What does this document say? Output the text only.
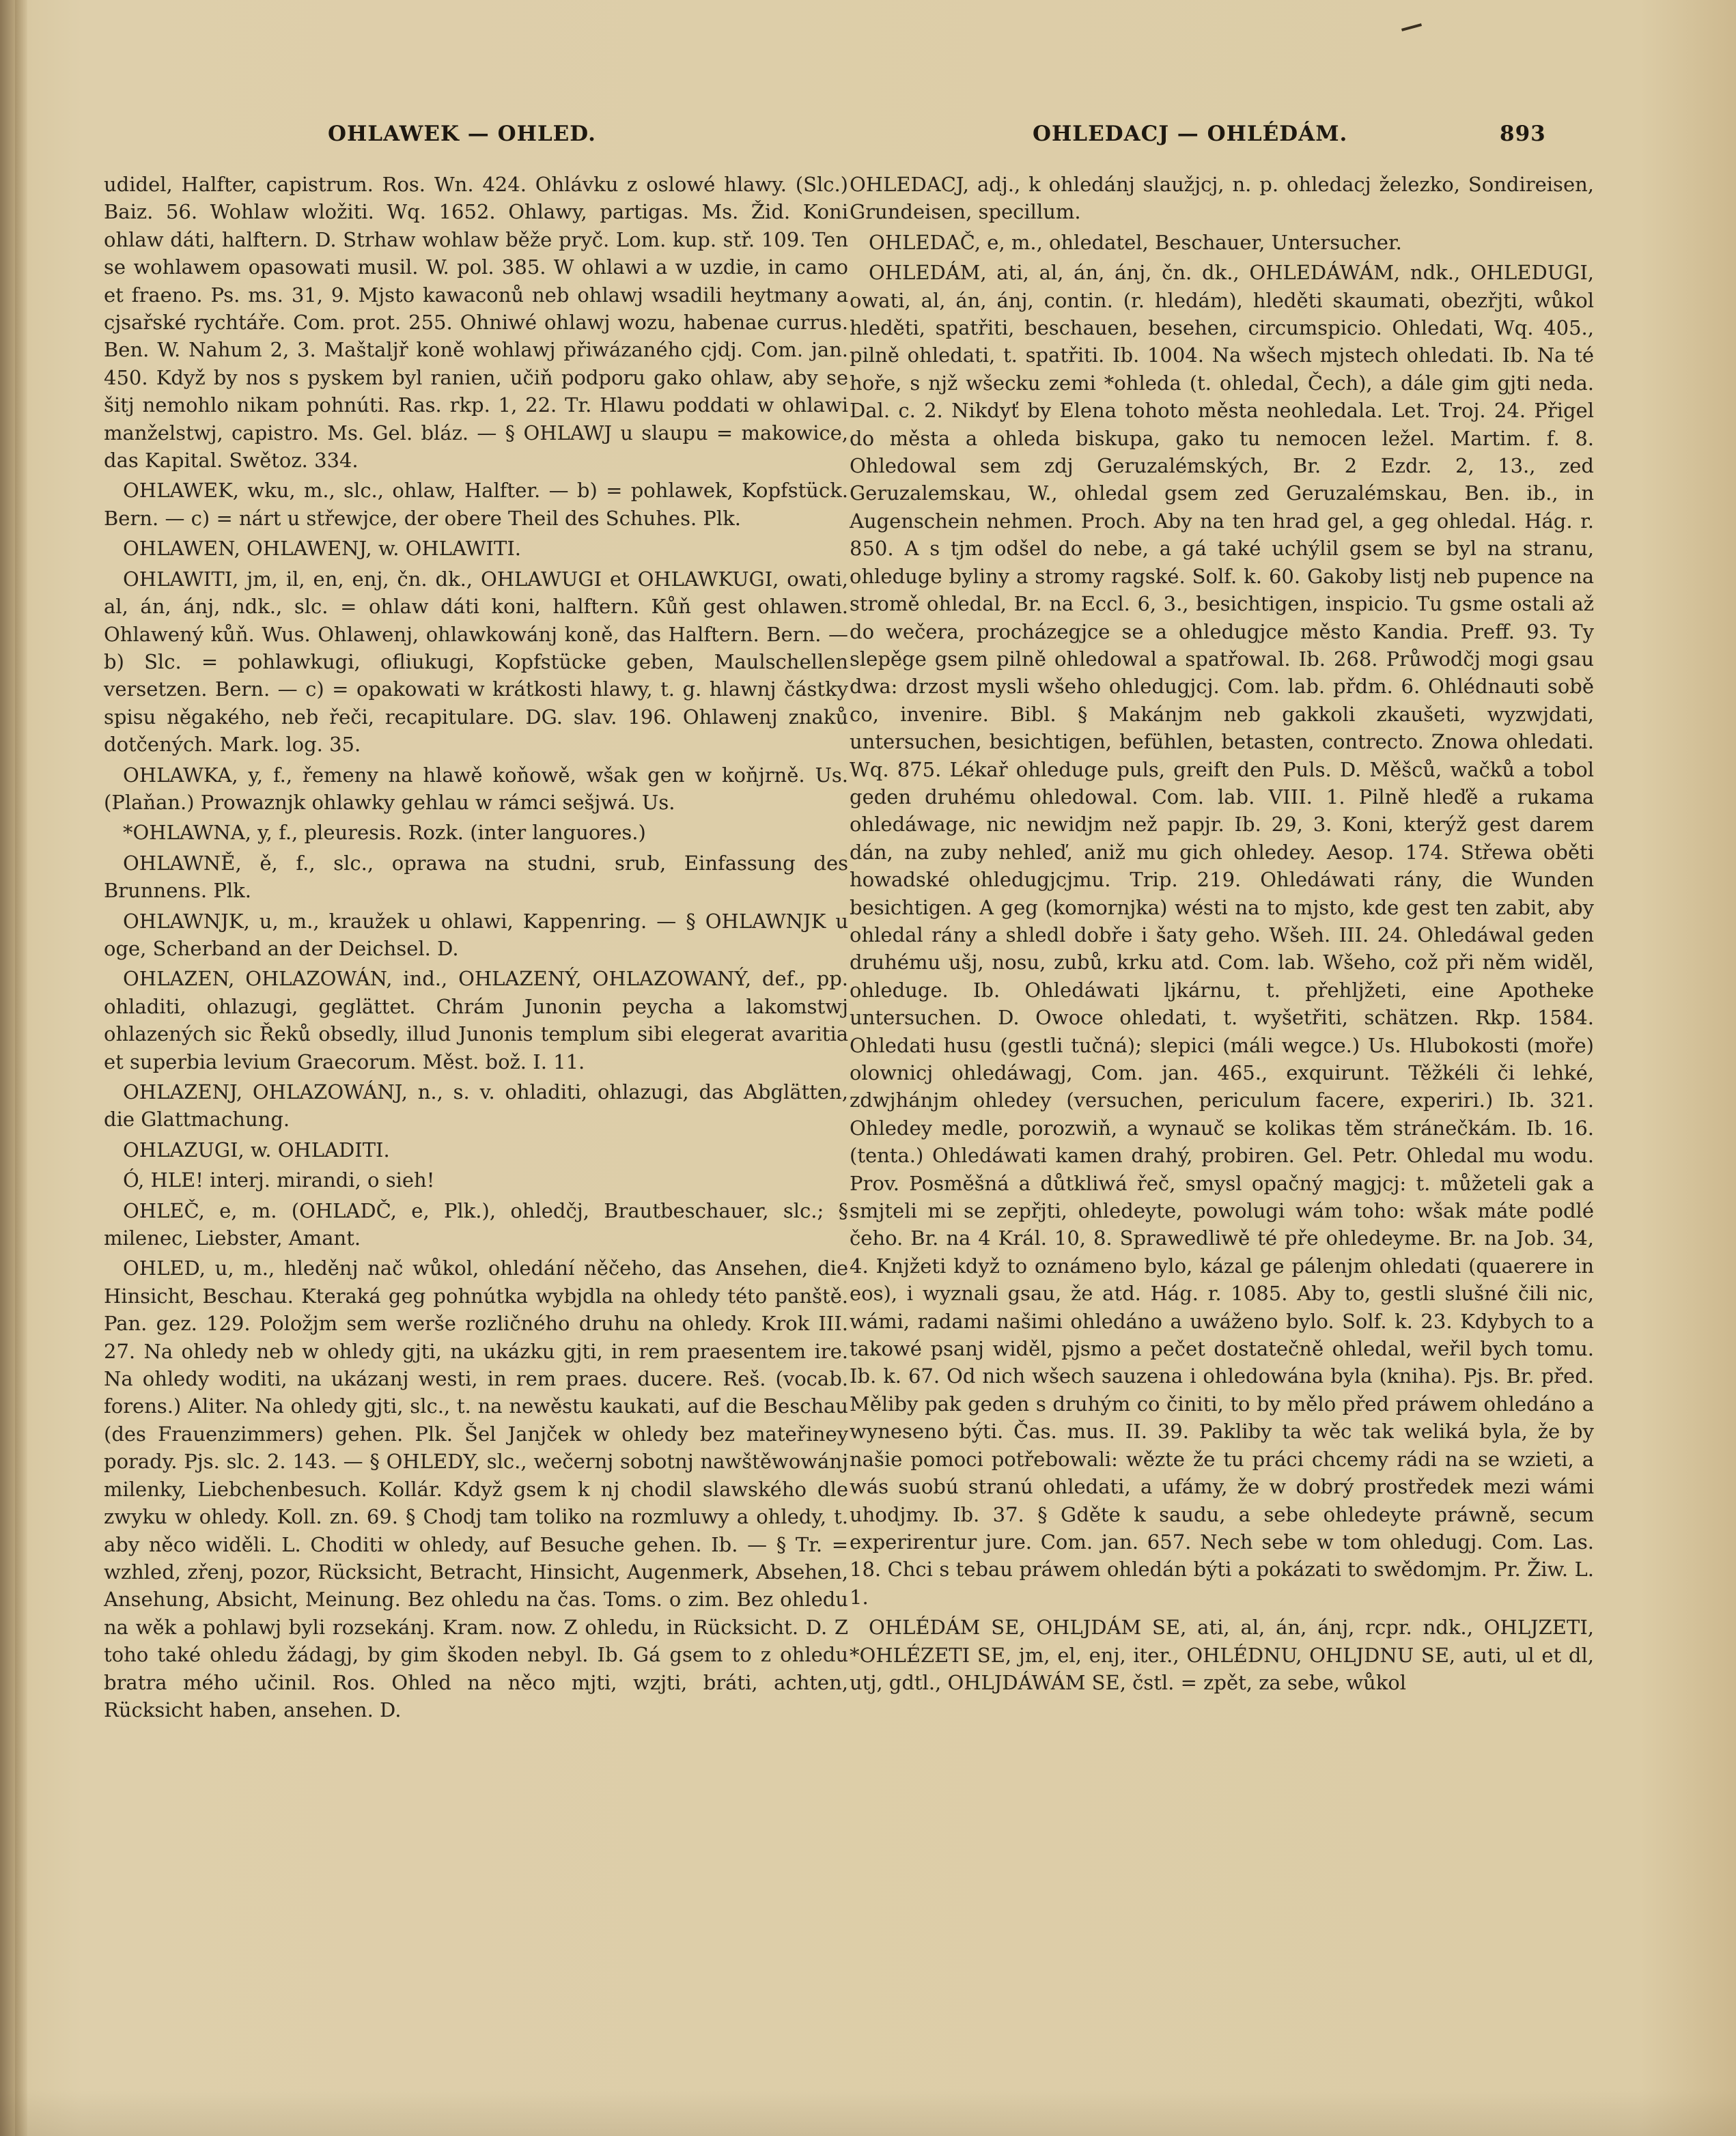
OHLAWEK — OHLED.	OHLEDACJ — OHLÉDÁM.	893

udidel, Halfter, capistrum. Ros. Wn. 424. Ohlávku z oslowé hlawy. (Slc.) Baiz. 56. Wohlaw wložiti. Wq. 1652. Ohlawy, partigas. Ms. Žid. Koni ohlaw dáti, halftern. D. Strhaw wohlaw běže pryč. Lom. kup. stř. 109. Ten se wohlawem opasowati musil. W. pol. 385. W ohlawi a w uzdie, in camo et fraeno. Ps. ms. 31, 9. Mjsto kawaconů neb ohlawj wsadili heytmany a cjsařské rychtáře. Com. prot. 255. Ohniwé ohlawj wozu, habenae currus. Ben. W. Nahum 2, 3. Maštaljř koně wohlawj přiwázaného cjdj. Com. jan. 450. Když by nos s pyskem byl ranien, učiň podporu gako ohlaw, aby se šitj nemohlo nikam pohnúti. Ras. rkp. 1, 22. Tr. Hlawu poddati w ohlawi manželstwj, capistro. Ms. Gel. bláz. — § OHLAWJ u slaupu = makowice, das Kapital. Swětoz. 334.

OHLAWEK, wku, m., slc., ohlaw, Halfter. — b) = pohlawek, Kopfstück. Bern. — c) = nárt u střewjce, der obere Theil des Schuhes. Plk.

OHLAWEN, OHLAWENJ, w. OHLAWITI.

OHLAWITI, jm, il, en, enj, čn. dk., OHLAWUGI et OHLAWKUGI, owati, al, án, ánj, ndk., slc. = ohlaw dáti koni, halftern. Kůň gest ohlawen. Ohlawený kůň. Wus. Ohlawenj, ohlawkowánj koně, das Halftern. Bern. — b) Slc. = pohlawkugi, ofliukugi, Kopfstücke geben, Maulschellen versetzen. Bern. — c) = opakowati w krátkosti hlawy, t. g. hlawnj částky spisu něgakého, neb řeči, recapitulare. DG. slav. 196. Ohlawenj znaků dotčených. Mark. log. 35.

OHLAWKA, y, f., řemeny na hlawě koňowě, wšak gen w koňjrně. Us. (Plaňan.) Prowaznjk ohlawky gehlau w rámci sešjwá. Us.

*OHLAWNA, y, f., pleuresis. Rozk. (inter languores.)

OHLAWNĚ, ě, f., slc., oprawa na studni, srub, Einfassung des Brunnens. Plk.

OHLAWNJK, u, m., kraužek u ohlawi, Kappenring. — § OHLAWNJK u oge, Scherband an der Deichsel. D.

OHLAZEN, OHLAZOWÁN, ind., OHLAZENÝ, OHLAZOWANÝ, def., pp. ohladiti, ohlazugi, geglättet. Chrám Junonin peycha a lakomstwj ohlazených sic Řeků obsedly, illud Junonis templum sibi elegerat avaritia et superbia levium Graecorum. Měst. bož. I. 11.

OHLAZENJ, OHLAZOWÁNJ, n., s. v. ohladiti, ohlazugi, das Abglätten, die Glattmachung.

OHLAZUGI, w. OHLADITI.

Ó, HLE! interj. mirandi, o sieh!

OHLEČ, e, m. (OHLADČ, e, Plk.), ohledčj, Brautbeschauer, slc.; § milenec, Liebster, Amant.

OHLED, u, m., hleděnj nač wůkol, ohledání něčeho, das Ansehen, die Hinsicht, Beschau. Kteraká geg pohnútka wybjdla na ohledy této panště. Pan. gez. 129. Položjm sem werše rozličného druhu na ohledy. Krok III. 27. Na ohledy neb w ohledy gjti, na ukázku gjti, in rem praesentem ire. Na ohledy woditi, na ukázanj westi, in rem praes. ducere. Reš. (vocab. forens.) Aliter. Na ohledy gjti, slc., t. na newěstu kaukati, auf die Beschau (des Frauenzimmers) gehen. Plk. Šel Janjček w ohledy bez mateřiney porady. Pjs. slc. 2. 143. — § OHLEDY, slc., wečernj sobotnj nawštěwowánj milenky, Liebchenbesuch. Kollár. Když gsem k nj chodil slawského dle zwyku w ohledy. Koll. zn. 69. § Chodj tam toliko na rozmluwy a ohledy, t. aby něco widěli. L. Choditi w ohledy, auf Besuche gehen. Ib. — § Tr. = wzhled, zřenj, pozor, Rücksicht, Betracht, Hinsicht, Augenmerk, Absehen, Ansehung, Absicht, Meinung. Bez ohledu na čas. Toms. o zim. Bez ohledu na wěk a pohlawj byli rozsekánj. Kram. now. Z ohledu, in Rücksicht. D. Z toho také ohledu žádagj, by gim škoden nebyl. Ib. Gá gsem to z ohledu bratra mého učinil. Ros. Ohled na něco mjti, wzjti, bráti, achten, Rücksicht haben, ansehen. D.

OHLEDACJ, adj., k ohledánj slaužjcj, n. p. ohledacj železko, Sondireisen, Grundeisen, specillum.

OHLEDAČ, e, m., ohledatel, Beschauer, Untersucher.

OHLEDÁM, ati, al, án, ánj, čn. dk., OHLEDÁWÁM, ndk., OHLEDUGI, owati, al, án, ánj, contin. (r. hledám), hleděti skaumati, obezřjti, wůkol hleděti, spatřiti, beschauen, besehen, circumspicio. Ohledati, Wq. 405., pilně ohledati, t. spatřiti. Ib. 1004. Na wšech mjstech ohledati. Ib. Na té hoře, s njž wšecku zemi *ohleda (t. ohledal, Čech), a dále gim gjti neda. Dal. c. 2. Nikdyť by Elena tohoto města neohledala. Let. Troj. 24. Přigel do města a ohleda biskupa, gako tu nemocen ležel. Martim. f. 8. Ohledowal sem zdj Geruzalémských, Br. 2 Ezdr. 2, 13., zed Geruzalemskau, W., ohledal gsem zed Geruzalémskau, Ben. ib., in Augenschein nehmen. Proch. Aby na ten hrad gel, a geg ohledal. Hág. r. 850. A s tjm odšel do nebe, a gá také uchýlil gsem se byl na stranu, ohleduge byliny a stromy ragské. Solf. k. 60. Gakoby listj neb pupence na stromě ohledal, Br. na Eccl. 6, 3., besichtigen, inspicio. Tu gsme ostali až do wečera, procházegjce se a ohledugjce město Kandia. Preff. 93. Ty slepěge gsem pilně ohledowal a spatřowal. Ib. 268. Průwodčj mogi gsau dwa: drzost mysli wšeho ohledugjcj. Com. lab. přdm. 6. Ohlédnauti sobě co, invenire. Bibl. § Makánjm neb gakkoli zkaušeti, wyzwjdati, untersuchen, besichtigen, befühlen, betasten, contrecto. Znowa ohledati. Wq. 875. Lékař ohleduge puls, greift den Puls. D. Měšců, wačků a tobol geden druhému ohledowal. Com. lab. VIII. 1. Pilně hleďě a rukama ohledáwage, nic newidjm než papjr. Ib. 29, 3. Koni, kterýž gest darem dán, na zuby nehleď, aniž mu gich ohledey. Aesop. 174. Střewa oběti howadské ohledugjcjmu. Trip. 219. Ohledáwati rány, die Wunden besichtigen. A geg (komornjka) wésti na to mjsto, kde gest ten zabit, aby ohledal rány a shledl dobře i šaty geho. Wšeh. III. 24. Ohledáwal geden druhému ušj, nosu, zubů, krku atd. Com. lab. Wšeho, což při něm widěl, ohleduge. Ib. Ohledáwati ljkárnu, t. přehljžeti, eine Apotheke untersuchen. D. Owoce ohledati, t. wyšetřiti, schätzen. Rkp. 1584. Ohledati husu (gestli tučná); slepici (máli wegce.) Us. Hlubokosti (moře) olownicj ohledáwagj, Com. jan. 465., exquirunt. Těžkéli či lehké, zdwjhánjm ohledey (versuchen, periculum facere, experiri.) Ib. 321. Ohledey medle, porozwiň, a wynauč se kolikas těm stránečkám. Ib. 16. (tenta.) Ohledáwati kamen drahý, probiren. Gel. Petr. Ohledal mu wodu. Prov. Posměšná a důtkliwá řeč, smysl opačný magjcj: t. můžeteli gak a smjteli mi se zepřjti, ohledeyte, powolugi wám toho: wšak máte podlé čeho. Br. na 4 Král. 10, 8. Sprawedliwě té pře ohledeyme. Br. na Job. 34, 4. Knjžeti když to oznámeno bylo, kázal ge pálenjm ohledati (quaerere in eos), i wyznali gsau, že atd. Hág. r. 1085. Aby to, gestli slušné čili nic, wámi, radami našimi ohledáno a uwáženo bylo. Solf. k. 23. Kdybych to a takowé psanj widěl, pjsmo a pečet dostatečně ohledal, weřil bych tomu. Ib. k. 67. Od nich wšech sauzena i ohledowána byla (kniha). Pjs. Br. před. Měliby pak geden s druhým co činiti, to by mělo před práwem ohledáno a wyneseno býti. Čas. mus. II. 39. Pakliby ta wěc tak weliká byla, že by našie pomoci potřebowali: wězte že tu práci chcemy rádi na se wzieti, a wás suobú stranú ohledati, a ufámy, že w dobrý prostředek mezi wámi uhodjmy. Ib. 37. § Gděte k saudu, a sebe ohledeyte práwně, secum experirentur jure. Com. jan. 657. Nech sebe w tom ohledugj. Com. Las. 18. Chci s tebau práwem ohledán býti a pokázati to swědomjm. Pr. Žiw. L. 1.

OHLÉDÁM SE, OHLJDÁM SE, ati, al, án, ánj, rcpr. ndk., OHLJZETI, *OHLÉZETI SE, jm, el, enj, iter., OHLÉDNU, OHLJDNU SE, auti, ul et dl, utj, gdtl., OHLJDÁWÁM SE, čstl. = zpět, za sebe, wůkol
